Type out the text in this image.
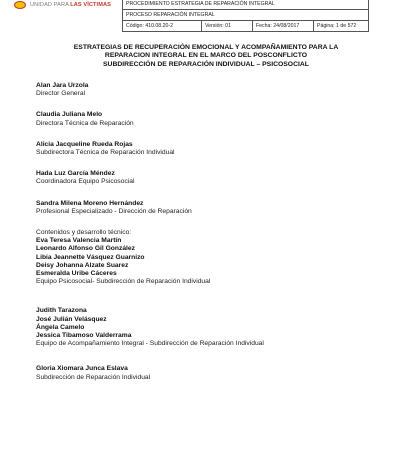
UNIDAD PARA LAS VÍCTIMAS	PROCEDIMIENTO ESTRATEGIA DE REPARACIÓN INTEGRAL
PROCESO REPARACIÓN INTEGRAL
Código: 410.08.20-2	Versión: 01	Fecha: 24/08/2017	Página: 1 de 572
ESTRATEGIAS DE RECUPERACIÓN EMOCIONAL Y ACOMPAÑAMIENTO PARA LA
REPARACION INTEGRAL EN EL MARCO DEL POSCONFLICTO
SUBDIRECCIÓN DE REPARACIÓN INDIVIDUAL – PSICOSOCIAL
Alan Jara Urzola
Director General
Claudia Juliana Melo
Directora Técnica de Reparación
Alicia Jacqueline Rueda Rojas
Subdirectora Técnica de Reparación Individual
Hada Luz García Méndez
Coordinadora Equipo Psicosocial
Sandra Milena Moreno Hernández
Profesional Especializado - Dirección de Reparación
Contenidos y desarrollo técnico:
Eva Teresa Valencia Martín
Leonardo Alfonso Gil González
Libia Jeannette Vásquez Guarnizo
Deisy Johanna Alzate Suarez
Esmeralda Uribe Cáceres
Equipo Psicosocial- Subdirección de Reparación Individual
Judith Tarazona
José Julián Velásquez
Ángela Camelo
Jessica Tibamoso Valderrama
Equipo de Acompañamiento Integral - Subdirección de Reparación Individual
Gloria Xiomara Junca Eslava
Subdirección de Reparación Individual
